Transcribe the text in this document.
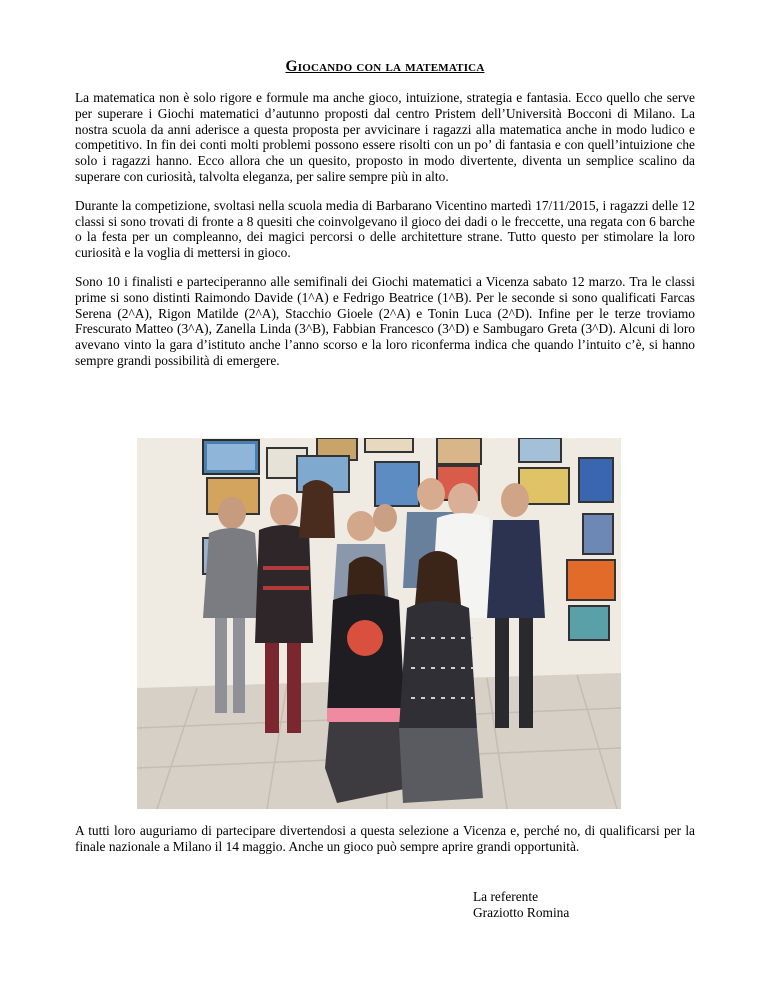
Giocando con la matematica

La matematica non è solo rigore e formule ma anche gioco, intuizione, strategia e fantasia. Ecco quello che serve per superare i Giochi matematici d’autunno proposti dal centro Pristem dell’Università Bocconi di Milano. La nostra scuola da anni aderisce a questa proposta per avvicinare i ragazzi alla matematica anche in modo ludico e competitivo. In fin dei conti molti problemi possono essere risolti con un po’ di fantasia e con quell’intuizione che solo i ragazzi hanno. Ecco allora che un quesito, proposto in modo divertente, diventa un semplice scalino da superare con curiosità, talvolta eleganza, per salire sempre più in alto.

Durante la competizione, svoltasi nella scuola media di Barbarano Vicentino martedì 17/11/2015, i ragazzi delle 12 classi si sono trovati di fronte a 8 quesiti che coinvolgevano il gioco dei dadi o le freccette, una regata con 6 barche o la festa per un compleanno, dei magici percorsi o delle architetture strane. Tutto questo per stimolare la loro curiosità e la voglia di mettersi in gioco.

Sono 10 i finalisti e parteciperanno alle semifinali dei Giochi matematici a Vicenza sabato 12 marzo. Tra le classi prime si sono distinti Raimondo Davide (1^A) e Fedrigo Beatrice (1^B). Per le seconde si sono qualificati Farcas Serena (2^A), Rigon Matilde (2^A), Stacchio Gioele (2^A) e Tonin Luca (2^D). Infine per le terze troviamo Frescurato Matteo (3^A), Zanella Linda (3^B), Fabbian Francesco (3^D) e Sambugaro Greta (3^D). Alcuni di loro avevano vinto la gara d’istituto anche l’anno scorso e la loro riconferma indica che quando l’intuito c’è, si hanno sempre grandi possibilità di emergere.

A tutti loro auguriamo di partecipare divertendosi a questa selezione a Vicenza e, perché no, di qualificarsi per la finale nazionale a Milano il 14 maggio. Anche un gioco può sempre aprire grandi opportunità.

La referente
Graziotto Romina
